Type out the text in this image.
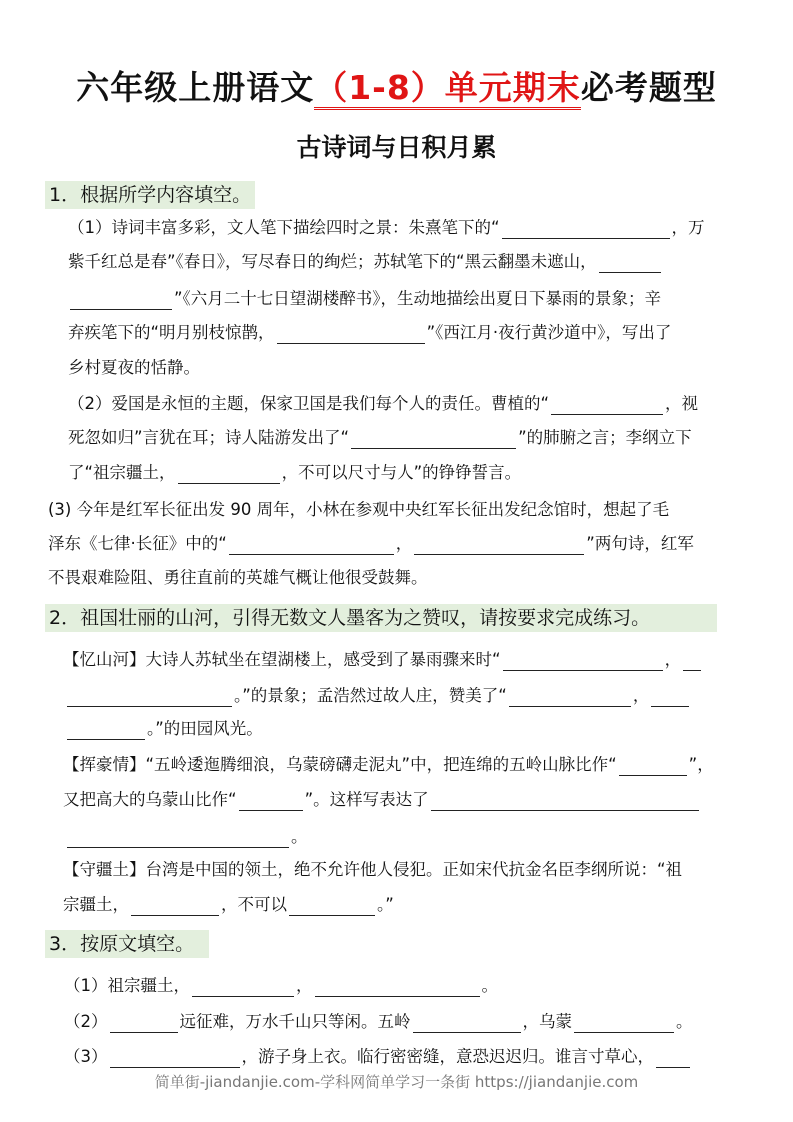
六年级上册语文（1-8）单元期末必考题型
古诗词与日积月累
1．根据所学内容填空。
（1）诗词丰富多彩，文人笔下描绘四时之景：朱熹笔下的“	，万
紫千红总是春”《春日》，写尽春日的绚烂；苏轼笔下的“黑云翻墨未遮山，
”《六月二十七日望湖楼醉书》，生动地描绘出夏日下暴雨的景象；辛
弃疾笔下的“明月别枝惊鹊，	”《西江月·夜行黄沙道中》，写出了
乡村夏夜的恬静。
（2）爱国是永恒的主题，保家卫国是我们每个人的责任。曹植的“	，视
死忽如归”言犹在耳；诗人陆游发出了“	”的肺腑之言；李纲立下
了“祖宗疆土，	，不可以尺寸与人”的铮铮誓言。
(3) 今年是红军长征出发 90 周年，小林在参观中央红军长征出发纪念馆时，想起了毛
泽东《七律·长征》中的“	，	”两句诗，红军
不畏艰难险阻、勇往直前的英雄气概让他很受鼓舞。
2．祖国壮丽的山河，引得无数文人墨客为之赞叹，请按要求完成练习。
【忆山河】大诗人苏轼坐在望湖楼上，感受到了暴雨骤来时“	，
。”的景象；孟浩然过故人庄，赞美了“	，
。”的田园风光。
【挥豪情】“五岭逶迤腾细浪，乌蒙磅礴走泥丸”中，把连绵的五岭山脉比作“	”，
又把高大的乌蒙山比作“	”。这样写表达了
。
【守疆土】台湾是中国的领土，绝不允许他人侵犯。正如宋代抗金名臣李纲所说：“祖
宗疆土，	，不可以	。”
3．按原文填空。
（1）祖宗疆土，	，	。
（2）	远征难，万水千山只等闲。五岭	，乌蒙	。
（3）	，游子身上衣。临行密密缝，意恐迟迟归。谁言寸草心，
简单街-jiandanjie.com-学科网简单学习一条街 https://jiandanjie.com
